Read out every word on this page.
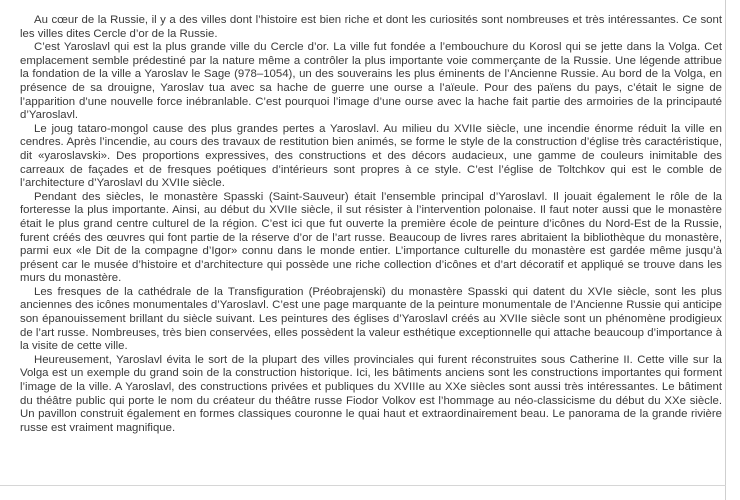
Au cœur de la Russie, il y a des villes dont l’histoire est bien riche et dont les curiosités sont nombreuses et très intéressantes. Ce sont les villes dites Cercle d’or de la Russie.

C’est Yaroslavl qui est la plus grande ville du Cercle d’or. La ville fut fondée a l’embouchure du Korosl qui se jette dans la Volga. Cet emplacement semble prédestiné par la nature même a contrôler la plus importante voie commerçante de la Russie. Une légende attribue la fondation de la ville a Yaroslav le Sage (978–1054), un des souverains les plus éminents de l’Ancienne Russie. Au bord de la Volga, en présence de sa drouigne, Yaroslav tua avec sa hache de guerre une ourse a l’aïeule. Pour des païens du pays, c’était le signe de l’apparition d’une nouvelle force inébranlable. C’est pourquoi l’image d’une ourse avec la hache fait partie des armoiries de la principauté d’Yaroslavl.

Le joug tataro-mongol cause des plus grandes pertes a Yaroslavl. Au milieu du XVIIe siècle, une incendie énorme réduit la ville en cendres. Après l’incendie, au cours des travaux de restitution bien animés, se forme le style de la construction d’église très caractéristique, dit «yaroslavski». Des proportions expressives, des constructions et des décors audacieux, une gamme de couleurs inimitable des carreaux de façades et de fresques poétiques d’intérieurs sont propres à ce style. C’est l’église de Toltchkov qui est le comble de l’architecture d’Yaroslavl du XVIIe siècle.

Pendant des siècles, le monastère Spasski (Saint-Sauveur) était l’ensemble principal d’Yaroslavl. Il jouait également le rôle de la forteresse la plus importante. Ainsi, au début du XVIIe siècle, il sut résister à l’intervention polonaise. Il faut noter aussi que le monastère était le plus grand centre culturel de la région. C’est ici que fut ouverte la première école de peinture d’icônes du Nord-Est de la Russie, furent créés des œuvres qui font partie de la réserve d’or de l’art russe. Beaucoup de livres rares abritaient la bibliothèque du monastère, parmi eux «le Dit de la compagne d’Igor» connu dans le monde entier. L’importance culturelle du monastère est gardée même jusqu’à présent car le musée d’histoire et d’architecture qui possède une riche collection d’icônes et d’art décoratif et appliqué se trouve dans les murs du monastère.

Les fresques de la cathédrale de la Transfiguration (Préobrajenski) du monastère Spasski qui datent du XVIe siècle, sont les plus anciennes des icônes monumentales d’Yaroslavl. C’est une page marquante de la peinture monumentale de l’Ancienne Russie qui anticipe son épanouissement brillant du siècle suivant. Les peintures des églises d’Yaroslavl créés au XVIIe siècle sont un phénomène prodigieux de l’art russe. Nombreuses, très bien conservées, elles possèdent la valeur esthétique exceptionnelle qui attache beaucoup d’importance à la visite de cette ville.

Heureusement, Yaroslavl évita le sort de la plupart des villes provinciales qui furent réconstruites sous Catherine II. Cette ville sur la Volga est un exemple du grand soin de la construction historique. Ici, les bâtiments anciens sont les constructions importantes qui forment l’image de la ville. A Yaroslavl, des constructions privées et publiques du XVIIIe au XXe siècles sont aussi très intéressantes. Le bâtiment du théâtre public qui porte le nom du créateur du théâtre russe Fiodor Volkov est l’hommage au néo-classicisme du début du XXe siècle. Un pavillon construit également en formes classiques couronne le quai haut et extraordinairement beau. Le panorama de la grande rivière russe est vraiment magnifique.
